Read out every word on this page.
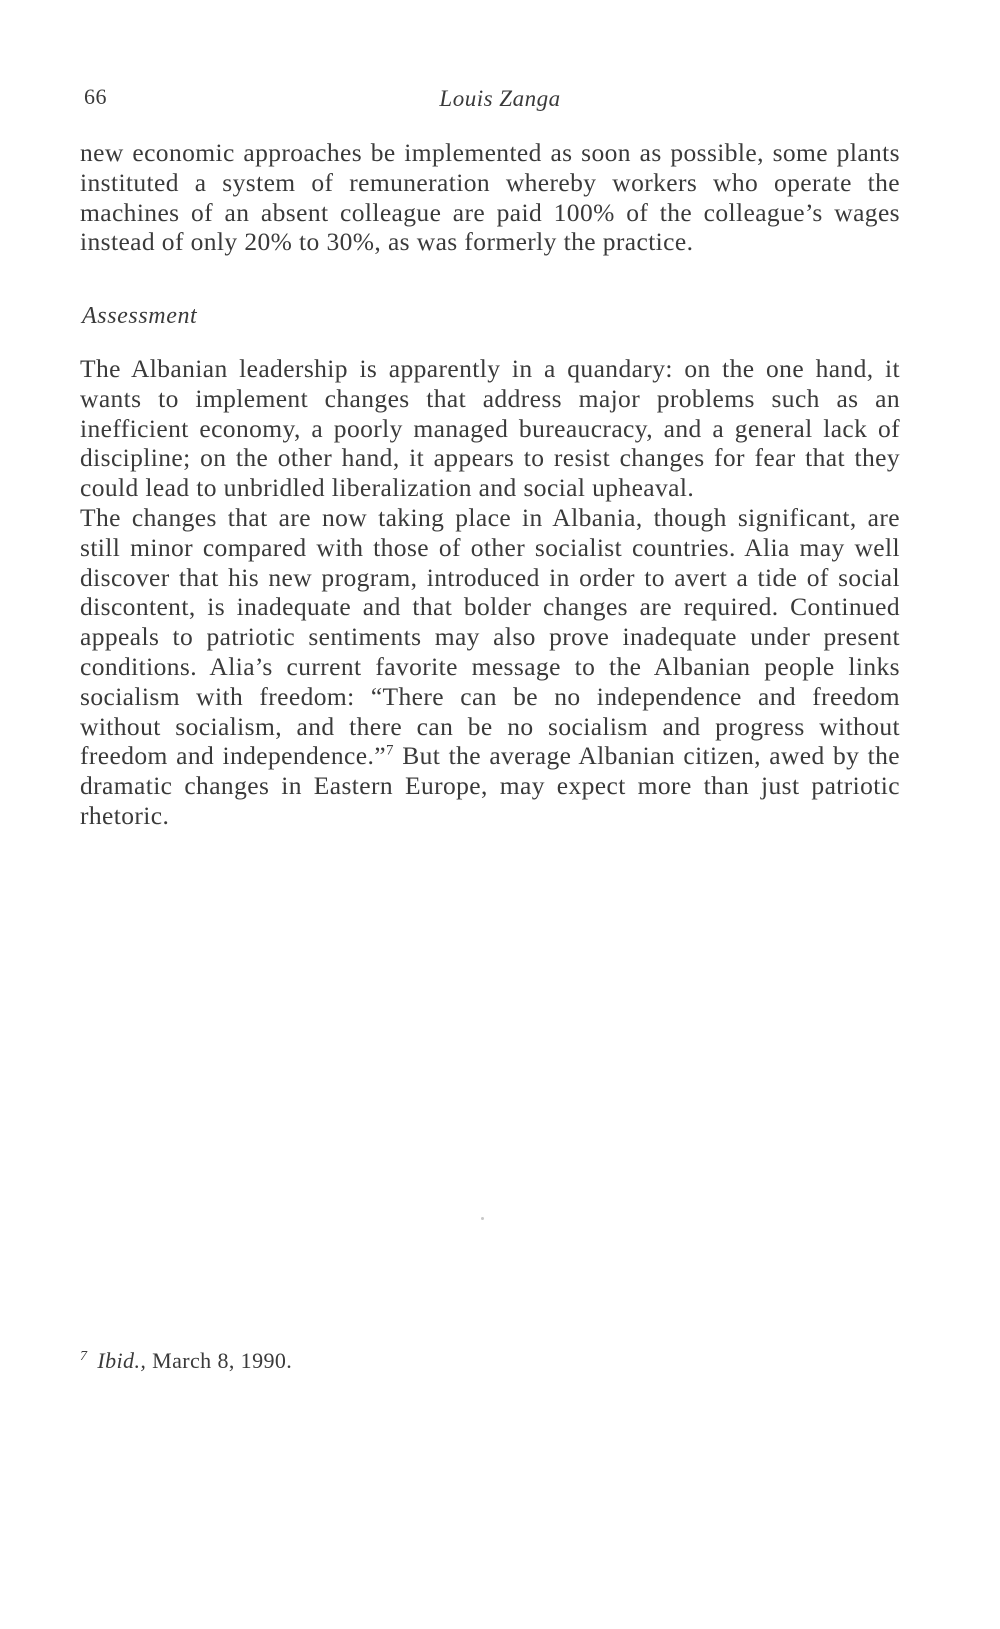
66	Louis Zanga

new economic approaches be implemented as soon as possible, some plants instituted a system of remuneration whereby workers who operate the machines of an absent colleague are paid 100% of the colleague’s wages instead of only 20% to 30%, as was formerly the practice.

Assessment

The Albanian leadership is apparently in a quandary: on the one hand, it wants to implement changes that address major problems such as an inefficient economy, a poorly managed bureaucracy, and a general lack of discipline; on the other hand, it appears to resist changes for fear that they could lead to unbridled liberalization and social upheaval.

The changes that are now taking place in Albania, though significant, are still minor compared with those of other socialist countries. Alia may well discover that his new program, introduced in order to avert a tide of social discontent, is inadequate and that bolder changes are required. Continued appeals to patriotic sentiments may also prove inadequate under present conditions. Alia’s current favorite message to the Albanian people links socialism with freedom: “There can be no independence and freedom without socialism, and there can be no socialism and progress without freedom and independence.”$^7$ But the average Albanian citizen, awed by the dramatic changes in Eastern Europe, may expect more than just patriotic rhetoric.

$^7$ Ibid., March 8, 1990.
